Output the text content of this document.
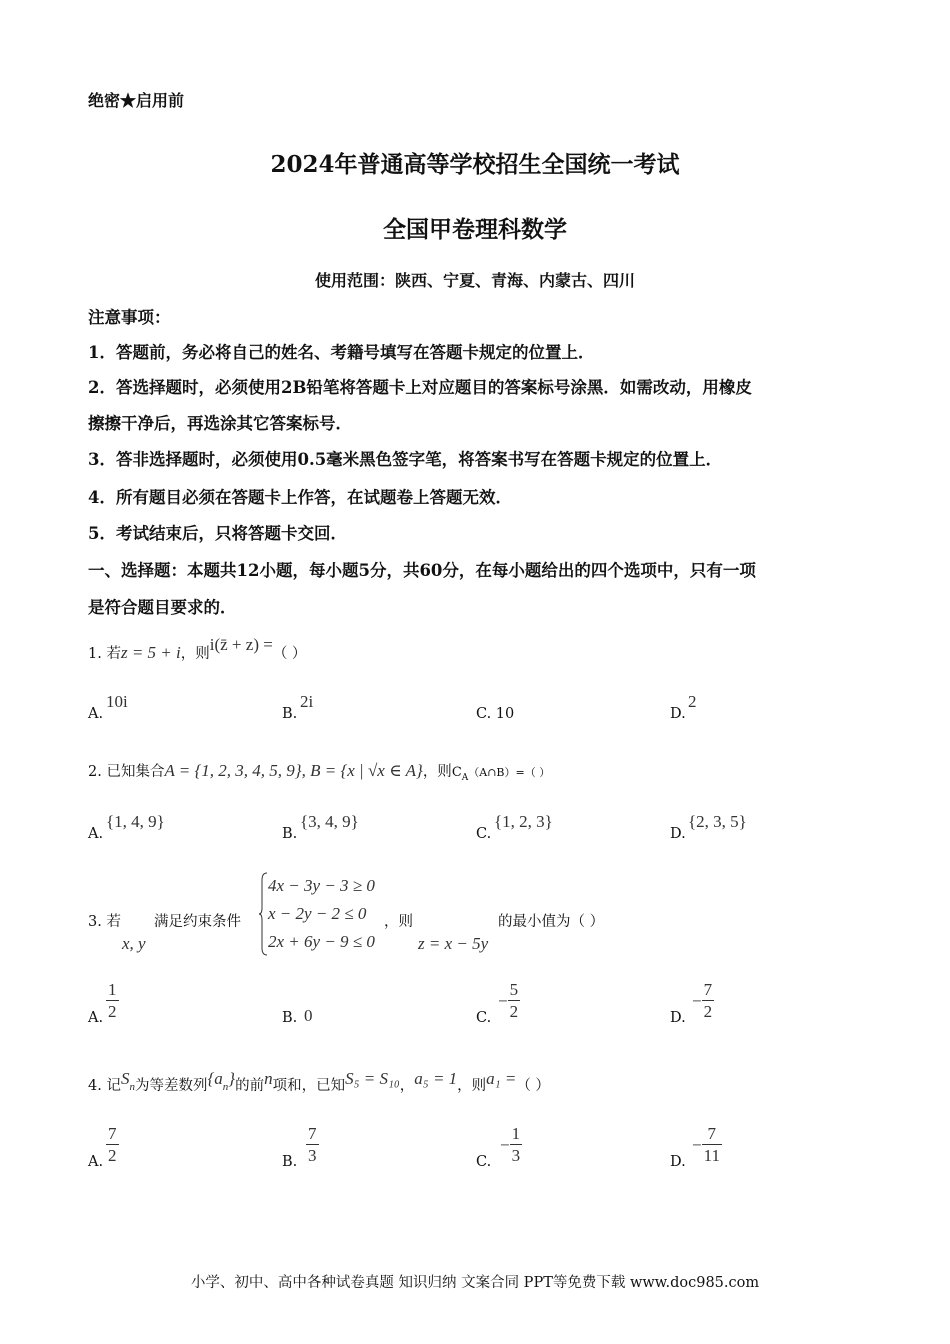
绝密★启用前
2024年普通高等学校招生全国统一考试
全国甲卷理科数学
使用范围：陕西、宁夏、青海、内蒙古、四川
注意事项：
1．答题前，务必将自己的姓名、考籍号填写在答题卡规定的位置上．
2．答选择题时，必须使用2B铅笔将答题卡上对应题目的答案标号涂黑．如需改动，用橡皮
擦擦干净后，再选涂其它答案标号．
3．答非选择题时，必须使用0.5毫米黑色签字笔，将答案书写在答题卡规定的位置上．
4．所有题目必须在答题卡上作答，在试题卷上答题无效．
5．考试结束后，只将答题卡交回．
一、选择题：本题共12小题，每小题5分，共60分，在每小题给出的四个选项中，只有一项
是符合题目要求的．
1. 若z = 5 + i，则i(z̄ + z) =（ ）
A.
10i
B.
2i
C. 10	D.
2
2. 已知集合A = {1, 2, 3, 4, 5, 9}, B = {x | √x ∈ A}，则$C_A(A\cap B)=$（ ）
A.
{1, 4, 9}
B.
{3, 4, 9}
C.
{1, 2, 3}
D.
{2, 3, 5}
3. 若
x, y
满足约束条件
4x − 3y − 3 ≥ 0
x − 2y − 2 ≤ 0
2x + 6y − 9 ≤ 0
，则
z = x − 5y
的最小值为（ ）
A. $\frac{1}{2}$	B. 0	C.
− $\frac{5}{2}$	D.
− $\frac{7}{2}$
4. 记$S_n$为等差数列$\{a_n\}$的前n项和，已知S₅ = S₁₀，a₅ = 1，则a₁ =（ ）
A. $\frac{7}{2}$	B. $\frac{7}{3}$	C.
− $\frac{1}{3}$	D.
− $\frac{7}{11}$
小学、初中、高中各种试卷真题 知识归纳 文案合同 PPT等免费下载 www.doc985.com
